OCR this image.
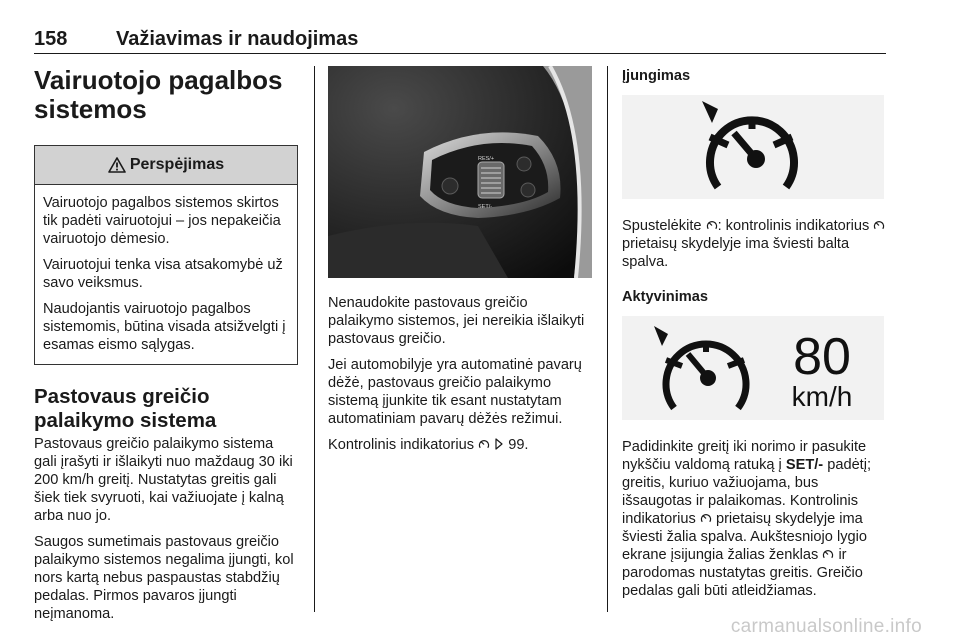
158 Važiavimas ir naudojimas
Vairuotojo pagalbos
sistemos
Perspėjimas

Vairuotojo pagalbos sistemos skirtos tik padėti vairuotojui – jos nepakeičia vairuotojo dėmesio.

Vairuotojui tenka visa atsakomybė už savo veiksmus.

Naudojantis vairuotojo pagalbos sistemomis, būtina visada atsižvelgti į esamas eismo sąlygas.

Pastovaus greičio
palaikymo sistema

Pastovaus greičio palaikymo sistema gali įrašyti ir išlaikyti nuo maždaug 30 iki 200 km/h greitį. Nustatytas greitis gali šiek tiek svyruoti, kai važiuojate į kalną arba nuo jo.

Saugos sumetimais pastovaus greičio palaikymo sistemos negalima įjungti, kol nors kartą nebus paspaustas stabdžių pedalas. Pirmos pavaros įjungti neįmanoma.

RES/+
SET/-

Nenaudokite pastovaus greičio palaikymo sistemos, jei nereikia išlaikyti pastovaus greičio.

Jei automobilyje yra automatinė pavarų dėžė, pastovaus greičio palaikymo sistemą įjunkite tik esant nustatytam automatiniam pavarų dėžės režimui.

Kontrolinis indikatorius 99.

Įjungimas

Spustelėkite : kontrolinis indikatorius  prietaisų skydelyje ima šviesti balta spalva.

Aktyvinimas

80
km/h

Padidinkite greitį iki norimo ir pasukite nykščiu valdomą ratuką į SET/- padėtį; greitis, kuriuo važiuojama, bus išsaugotas ir palaikomas. Kontrolinis indikatorius prietaisų skydelyje ima šviesti žalia spalva. Aukštesniojo lygio ekrane įsijungia žalias ženklas ir parodomas nustatytas greitis. Greičio pedalas gali būti atleidžiamas.

carmanualsonline.info
